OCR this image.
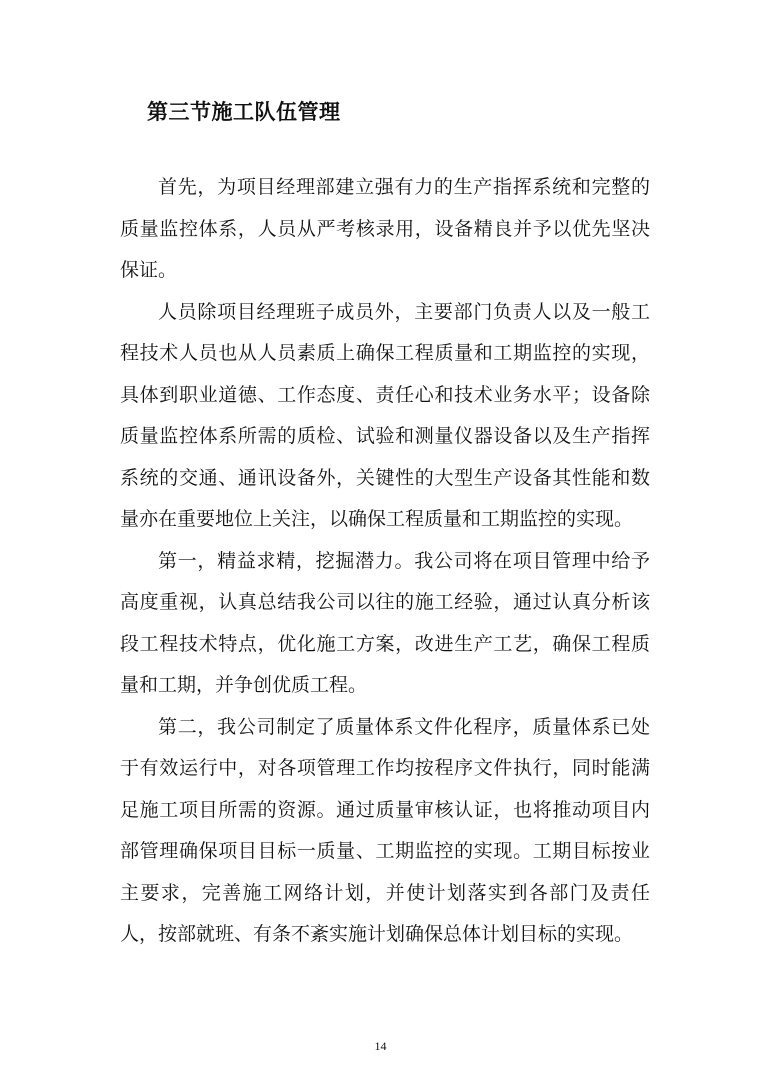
第三节施工队伍管理

首先，为项目经理部建立强有力的生产指挥系统和完整的质量监控体系，人员从严考核录用，设备精良并予以优先坚决保证。

人员除项目经理班子成员外，主要部门负责人以及一般工程技术人员也从人员素质上确保工程质量和工期监控的实现，具体到职业道德、工作态度、责任心和技术业务水平；设备除质量监控体系所需的质检、试验和测量仪器设备以及生产指挥系统的交通、通讯设备外，关键性的大型生产设备其性能和数量亦在重要地位上关注，以确保工程质量和工期监控的实现。

第一，精益求精，挖掘潜力。我公司将在项目管理中给予高度重视，认真总结我公司以往的施工经验，通过认真分析该段工程技术特点，优化施工方案，改进生产工艺，确保工程质量和工期，并争创优质工程。

第二，我公司制定了质量体系文件化程序，质量体系已处于有效运行中，对各项管理工作均按程序文件执行，同时能满足施工项目所需的资源。通过质量审核认证，也将推动项目内部管理确保项目目标一质量、工期监控的实现。工期目标按业主要求，完善施工网络计划，并使计划落实到各部门及责任人，按部就班、有条不紊实施计划确保总体计划目标的实现。

14
